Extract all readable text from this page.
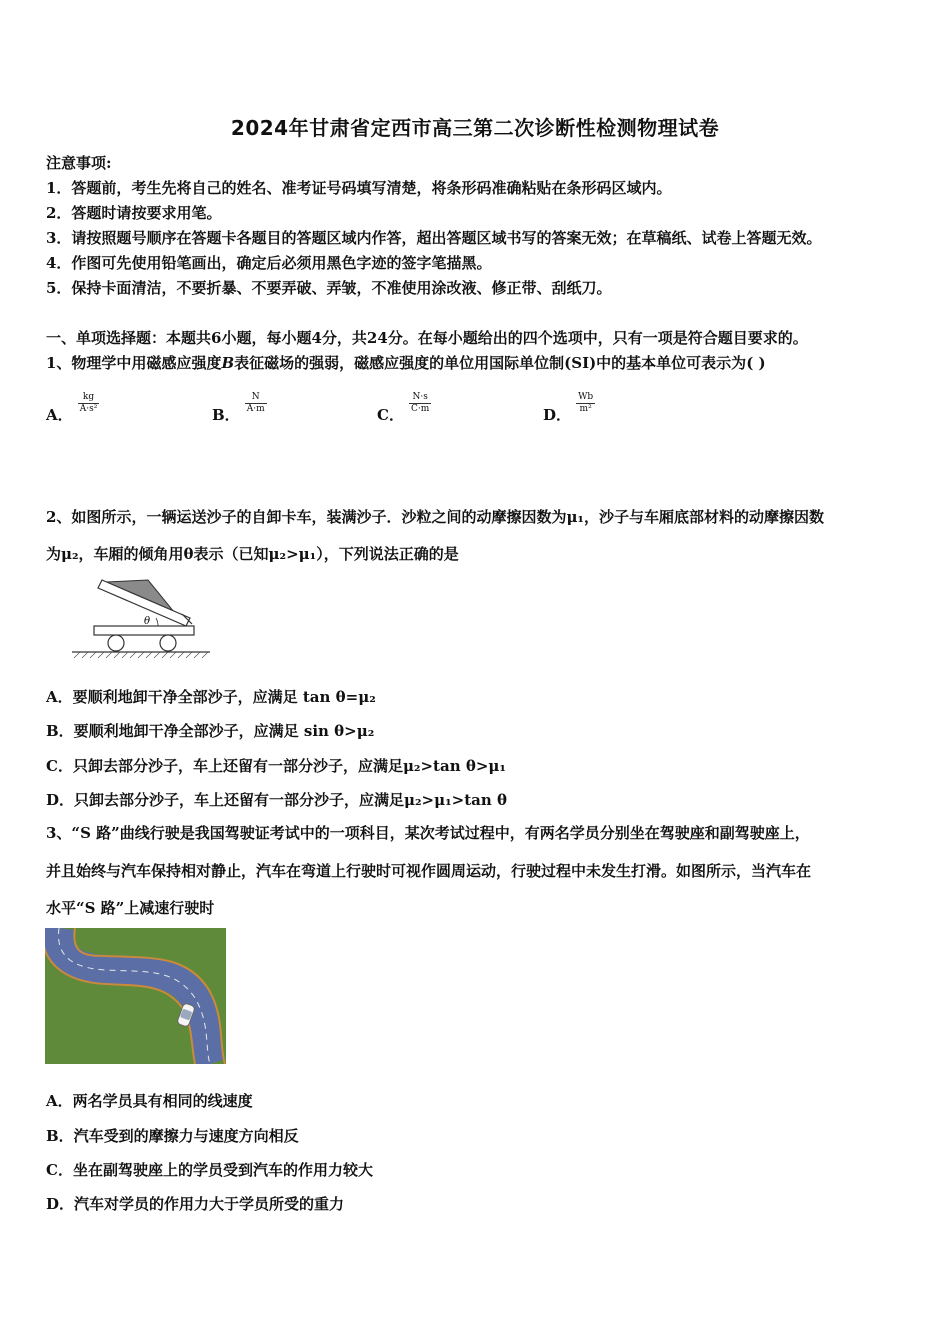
2024年甘肃省定西市高三第二次诊断性检测物理试卷
注意事项:
1．答题前，考生先将自己的姓名、准考证号码填写清楚，将条形码准确粘贴在条形码区域内。
2．答题时请按要求用笔。
3．请按照题号顺序在答题卡各题目的答题区域内作答，超出答题区域书写的答案无效；在草稿纸、试卷上答题无效。
4．作图可先使用铅笔画出，确定后必须用黑色字迹的签字笔描黑。
5．保持卡面清洁，不要折暴、不要弄破、弄皱，不准使用涂改液、修正带、刮纸刀。
一、单项选择题：本题共6小题，每小题4分，共24分。在每小题给出的四个选项中，只有一项是符合题目要求的。
1、物理学中用磁感应强度B表征磁场的强弱，磁感应强度的单位用国际单位制(SI)中的基本单位可表示为( )
A． $\frac{kg}{\text{A·s²}}$	B． $\frac{N}{A\cdot m}$	C． $\frac{N\cdot s}{C\cdot m}$	D． $\frac{Wb}{\text{m²}}$
2、如图所示，一辆运送沙子的自卸卡车，装满沙子．沙粒之间的动摩擦因数为μ₁，沙子与车厢底部材料的动摩擦因数
为μ₂，车厢的倾角用θ表示（已知μ₂>μ₁），下列说法正确的是
θ
A．要顺利地卸干净全部沙子，应满足 tan θ=μ₂
B．要顺利地卸干净全部沙子，应满足 sin θ>μ₂
C．只卸去部分沙子，车上还留有一部分沙子，应满足μ₂>tan θ>μ₁
D．只卸去部分沙子，车上还留有一部分沙子，应满足μ₂>μ₁>tan θ
3、“S 路”曲线行驶是我国驾驶证考试中的一项科目，某次考试过程中，有两名学员分别坐在驾驶座和副驾驶座上，
并且始终与汽车保持相对静止，汽车在弯道上行驶时可视作圆周运动，行驶过程中未发生打滑。如图所示，当汽车在
水平“S 路”上减速行驶时
A．两名学员具有相同的线速度
B．汽车受到的摩擦力与速度方向相反
C．坐在副驾驶座上的学员受到汽车的作用力较大
D．汽车对学员的作用力大于学员所受的重力
